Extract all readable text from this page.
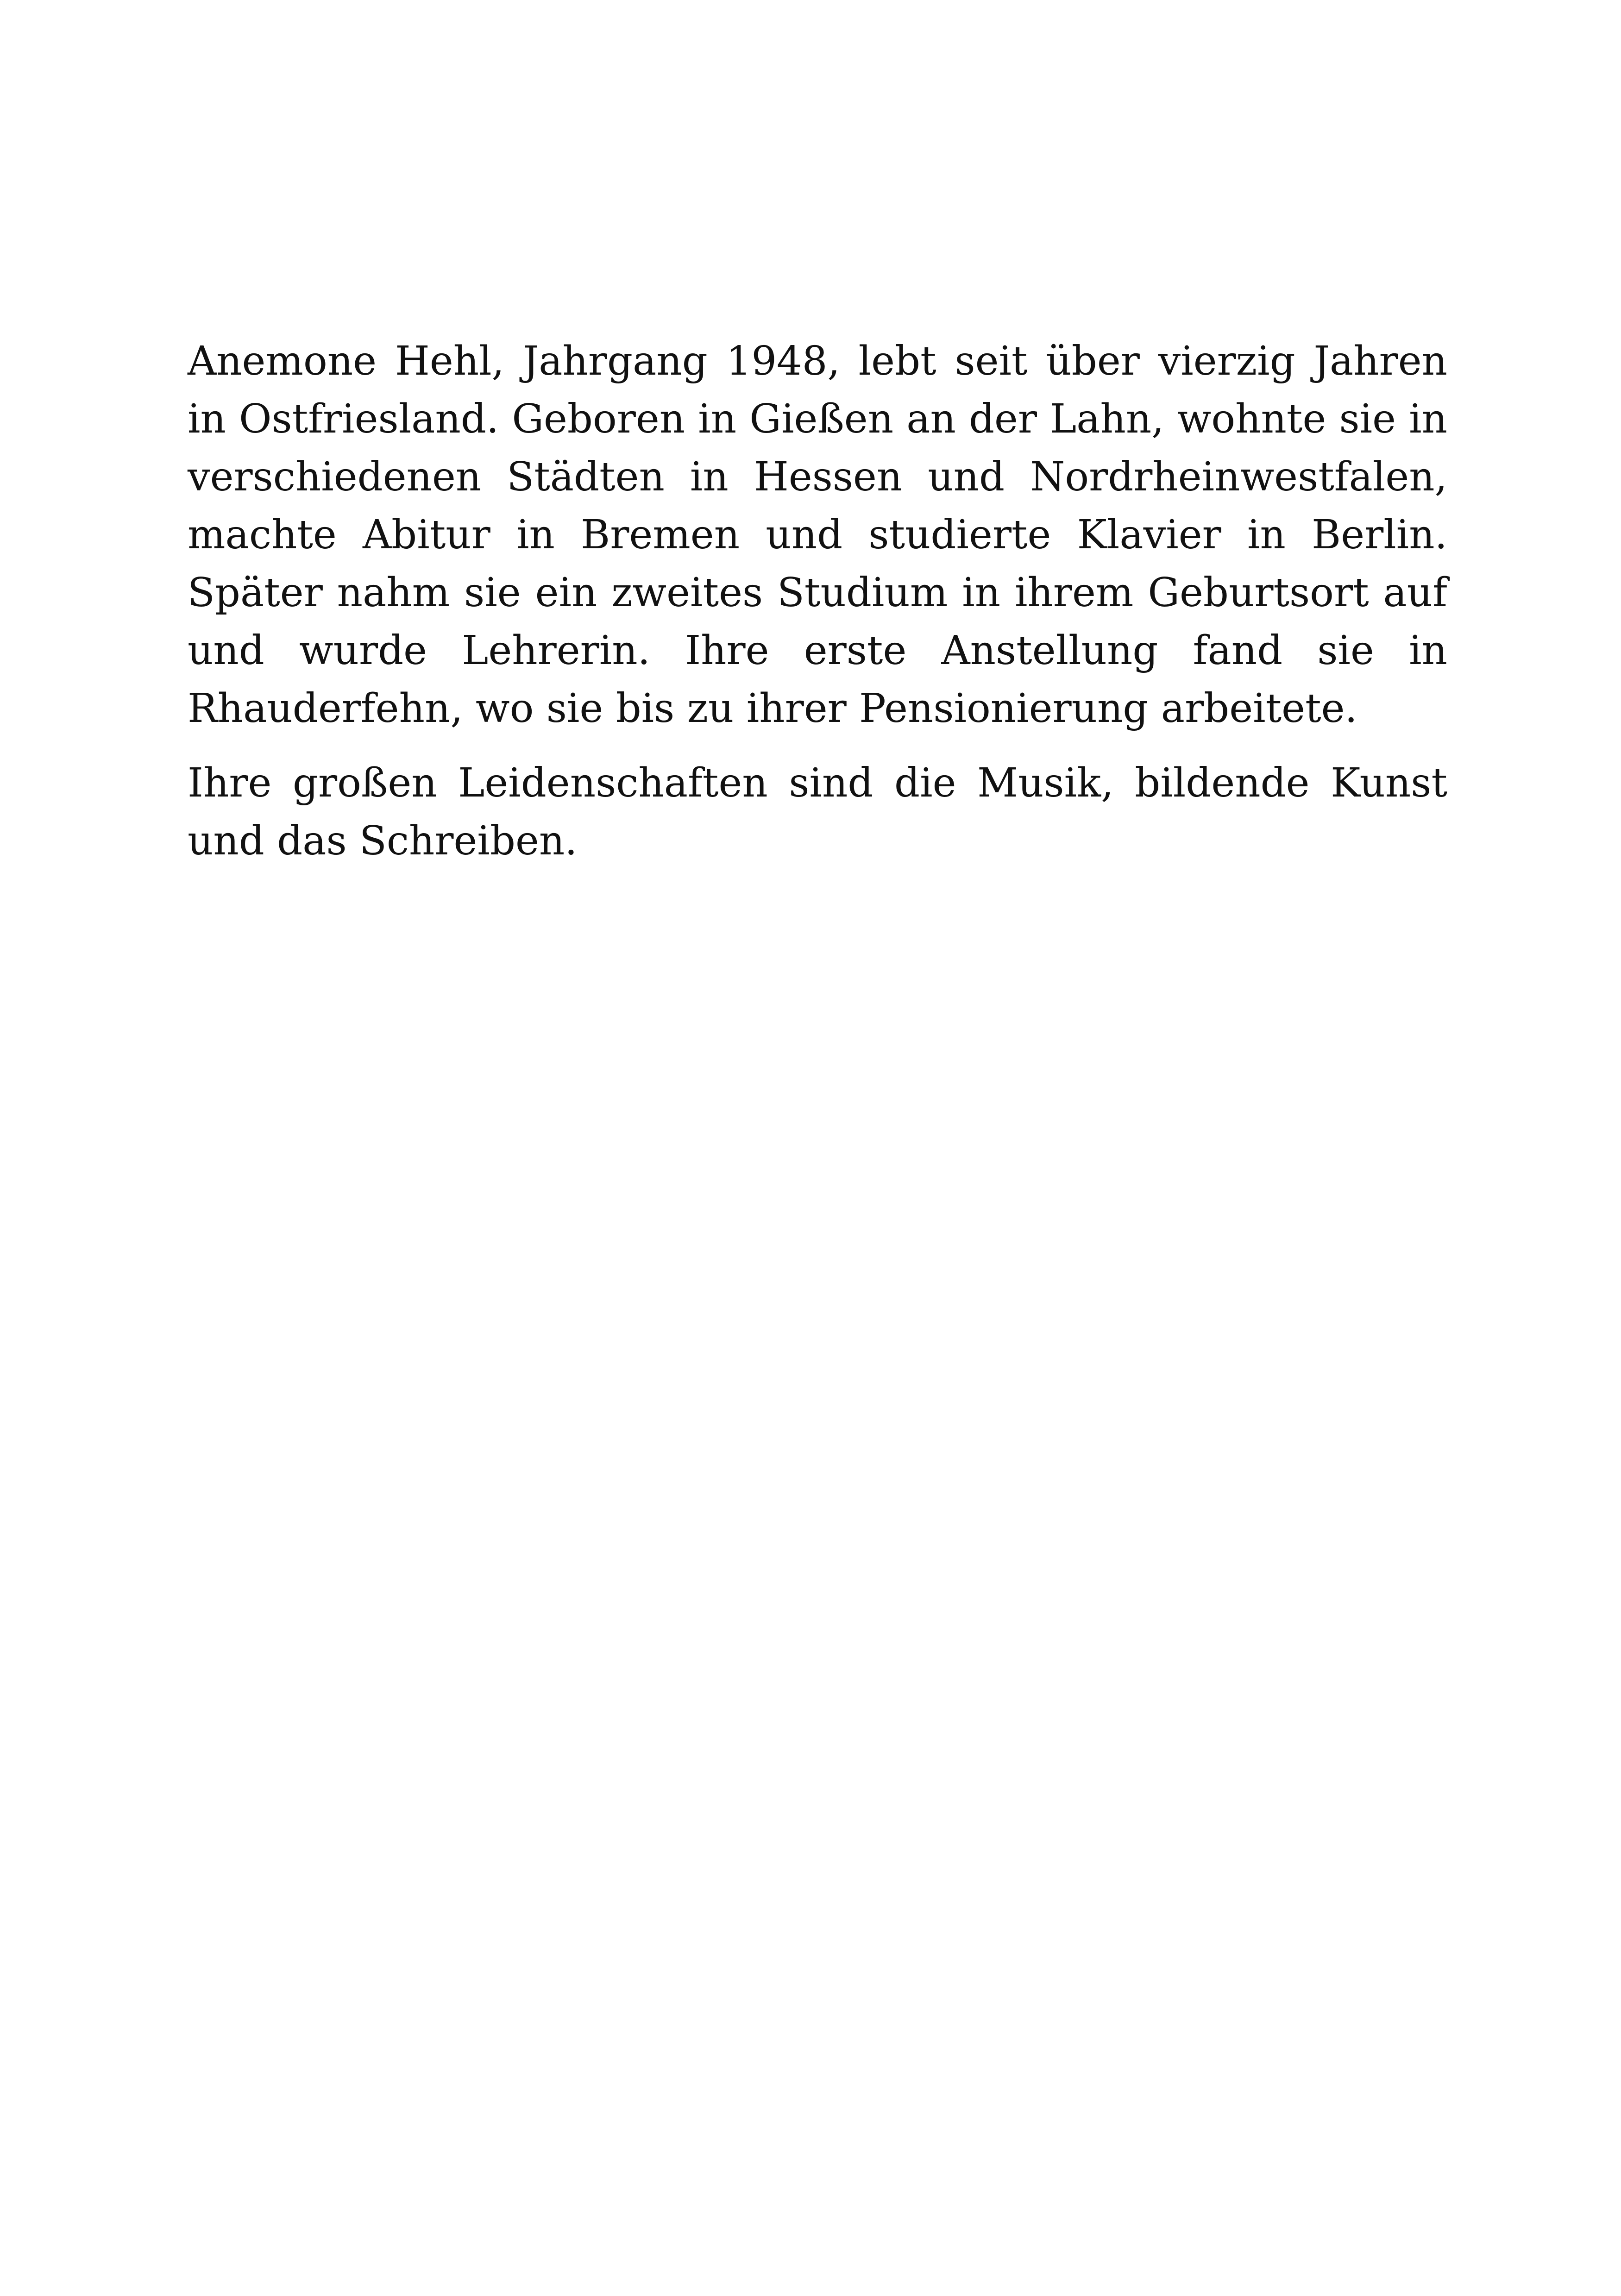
Anemone Hehl, Jahrgang 1948, lebt seit über vierzig Jahren in Ostfriesland. Geboren in Gießen an der Lahn, wohnte sie in verschiedenen Städten in Hessen und Nordrheinwestfalen, machte Abitur in Bremen und studierte Klavier in Berlin. Später nahm sie ein zweites Studium in ihrem Geburtsort auf und wurde Lehrerin. Ihre erste Anstellung fand sie in Rhauderfehn, wo sie bis zu ihrer Pensionierung arbeitete.

Ihre großen Leidenschaften sind die Musik, bildende Kunst und das Schreiben.
